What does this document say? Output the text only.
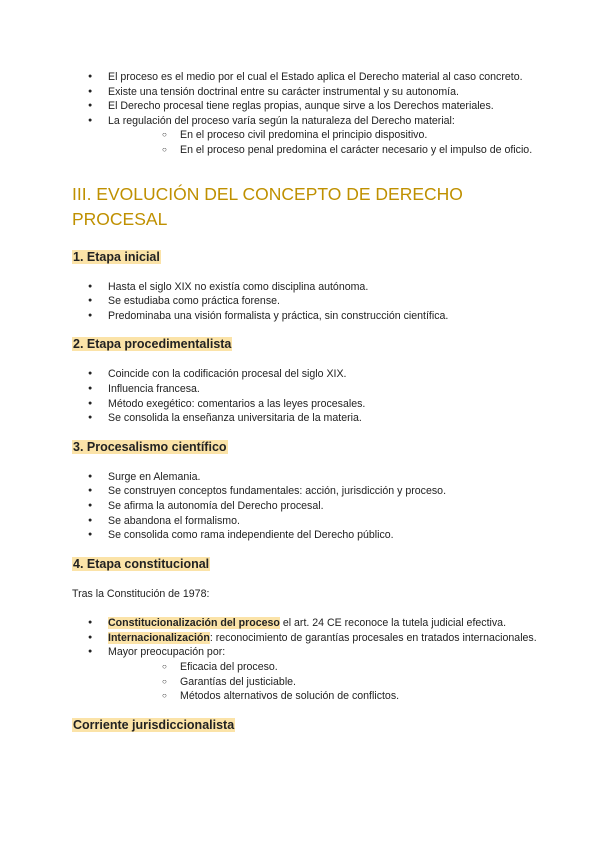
● El proceso es el medio por el cual el Estado aplica el Derecho material al caso concreto.
● Existe una tensión doctrinal entre su carácter instrumental y su autonomía.
● El Derecho procesal tiene reglas propias, aunque sirve a los Derechos materiales.
● La regulación del proceso varía según la naturaleza del Derecho material:
○ En el proceso civil predomina el principio dispositivo.
○ En el proceso penal predomina el carácter necesario y el impulso de oficio.
III. EVOLUCIÓN DEL CONCEPTO DE DERECHO PROCESAL
1. Etapa inicial
● Hasta el siglo XIX no existía como disciplina autónoma.
● Se estudiaba como práctica forense.
● Predominaba una visión formalista y práctica, sin construcción científica.
2. Etapa procedimentalista
● Coincide con la codificación procesal del siglo XIX.
● Influencia francesa.
● Método exegético: comentarios a las leyes procesales.
● Se consolida la enseñanza universitaria de la materia.
3. Procesalismo científico
● Surge en Alemania.
● Se construyen conceptos fundamentales: acción, jurisdicción y proceso.
● Se afirma la autonomía del Derecho procesal.
● Se abandona el formalismo.
● Se consolida como rama independiente del Derecho público.
4. Etapa constitucional

Tras la Constitución de 1978:

● Constitucionalización del proceso el art. 24 CE reconoce la tutela judicial efectiva.
● Internacionalización: reconocimiento de garantías procesales en tratados internacionales.
● Mayor preocupación por:
○ Eficacia del proceso.
○ Garantías del justiciable.
○ Métodos alternativos de solución de conflictos.
Corriente jurisdiccionalista
